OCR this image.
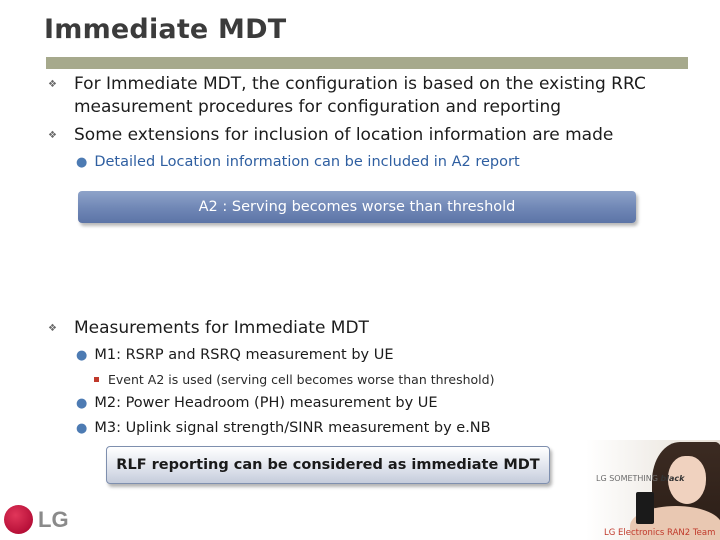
Immediate MDT
❖ For Immediate MDT, the configuration is based on the existing RRC
measurement procedures for configuration and reporting
❖ Some extensions for inclusion of location information are made
● Detailed Location information can be included in A2 report
A2 : Serving becomes worse than threshold
❖ Measurements for Immediate MDT
● M1: RSRP and RSRQ measurement by UE
Event A2 is used (serving cell becomes worse than threshold)
● M2: Power Headroom (PH) measurement by UE
● M3: Uplink signal strength/SINR measurement by e.NB
RLF reporting can be considered as immediate MDT
LG
LG SOMETHING black
LG Electronics RAN2 Team
